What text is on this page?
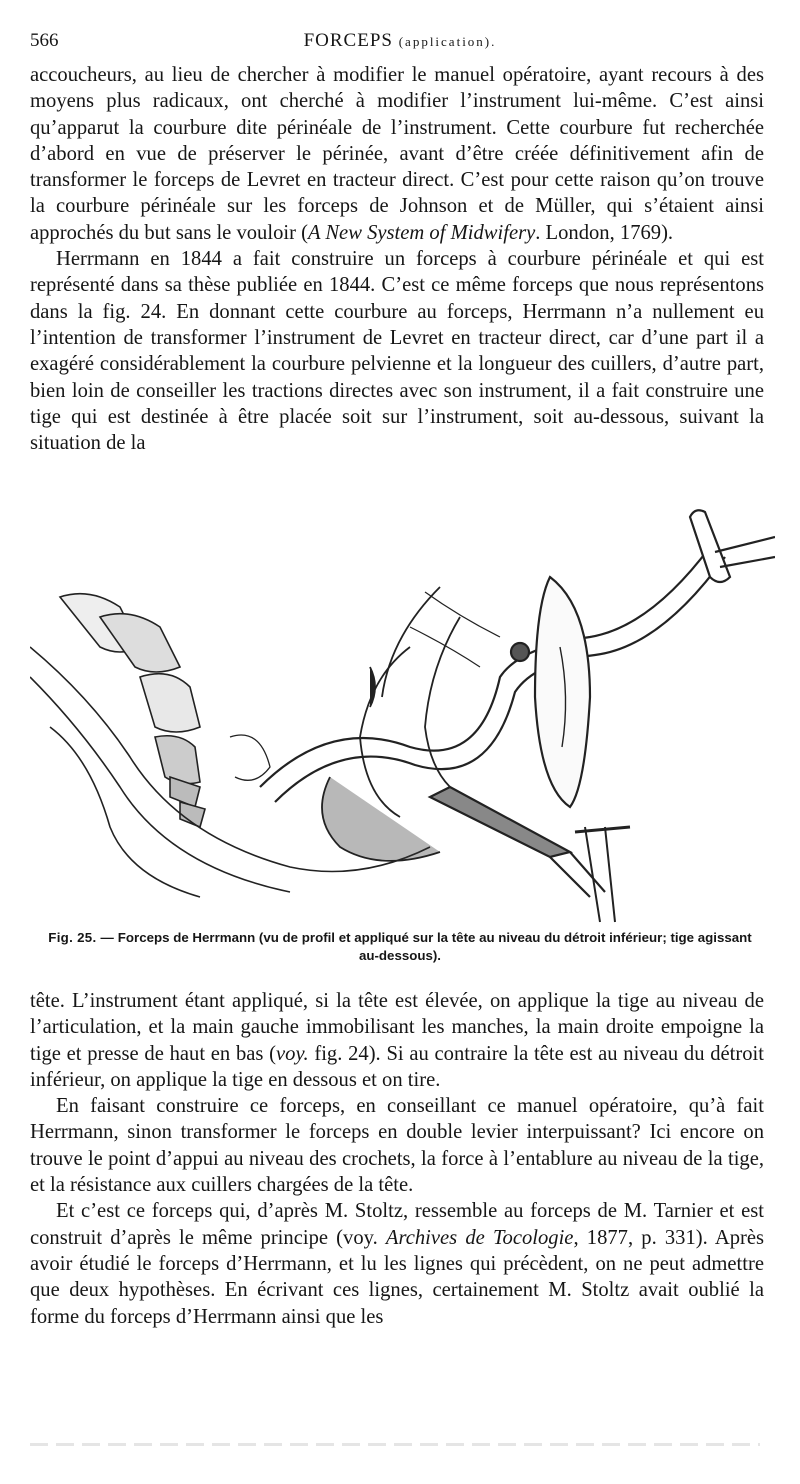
566	FORCEPS (application).

accoucheurs, au lieu de chercher à modifier le manuel opératoire, ayant recours à des moyens plus radicaux, ont cherché à modifier l’instrument lui-même. C’est ainsi qu’apparut la courbure dite périnéale de l’instrument. Cette courbure fut recherchée d’abord en vue de préserver le périnée, avant d’être créée définitivement afin de transformer le forceps de Levret en tracteur direct. C’est pour cette raison qu’on trouve la courbure périnéale sur les forceps de Johnson et de Müller, qui s’étaient ainsi approchés du but sans le vouloir (A New System of Midwifery. London, 1769).

Herrmann en 1844 a fait construire un forceps à courbure périnéale et qui est représenté dans sa thèse publiée en 1844. C’est ce même forceps que nous représentons dans la fig. 24. En donnant cette courbure au forceps, Herrmann n’a nullement eu l’intention de transformer l’instrument de Levret en tracteur direct, car d’une part il a exagéré considérablement la courbure pelvienne et la longueur des cuillers, d’autre part, bien loin de conseiller les tractions directes avec son instrument, il a fait construire une tige qui est destinée à être placée soit sur l’instrument, soit au-dessous, suivant la situation de la

Fig. 25. — Forceps de Herrmann (vu de profil et appliqué sur la tête au niveau du détroit inférieur; tige agissant au-dessous).

tête. L’instrument étant appliqué, si la tête est élevée, on applique la tige au niveau de l’articulation, et la main gauche immobilisant les manches, la main droite empoigne la tige et presse de haut en bas (voy. fig. 24). Si au contraire la tête est au niveau du détroit inférieur, on applique la tige en dessous et on tire.

En faisant construire ce forceps, en conseillant ce manuel opératoire, qu’à fait Herrmann, sinon transformer le forceps en double levier interpuissant? Ici encore on trouve le point d’appui au niveau des crochets, la force à l’entablure au niveau de la tige, et la résistance aux cuillers chargées de la tête.

Et c’est ce forceps qui, d’après M. Stoltz, ressemble au forceps de M. Tarnier et est construit d’après le même principe (voy. Archives de Tocologie, 1877, p. 331). Après avoir étudié le forceps d’Herrmann, et lu les lignes qui précèdent, on ne peut admettre que deux hypothèses. En écrivant ces lignes, certainement M. Stoltz avait oublié la forme du forceps d’Herrmann ainsi que les
